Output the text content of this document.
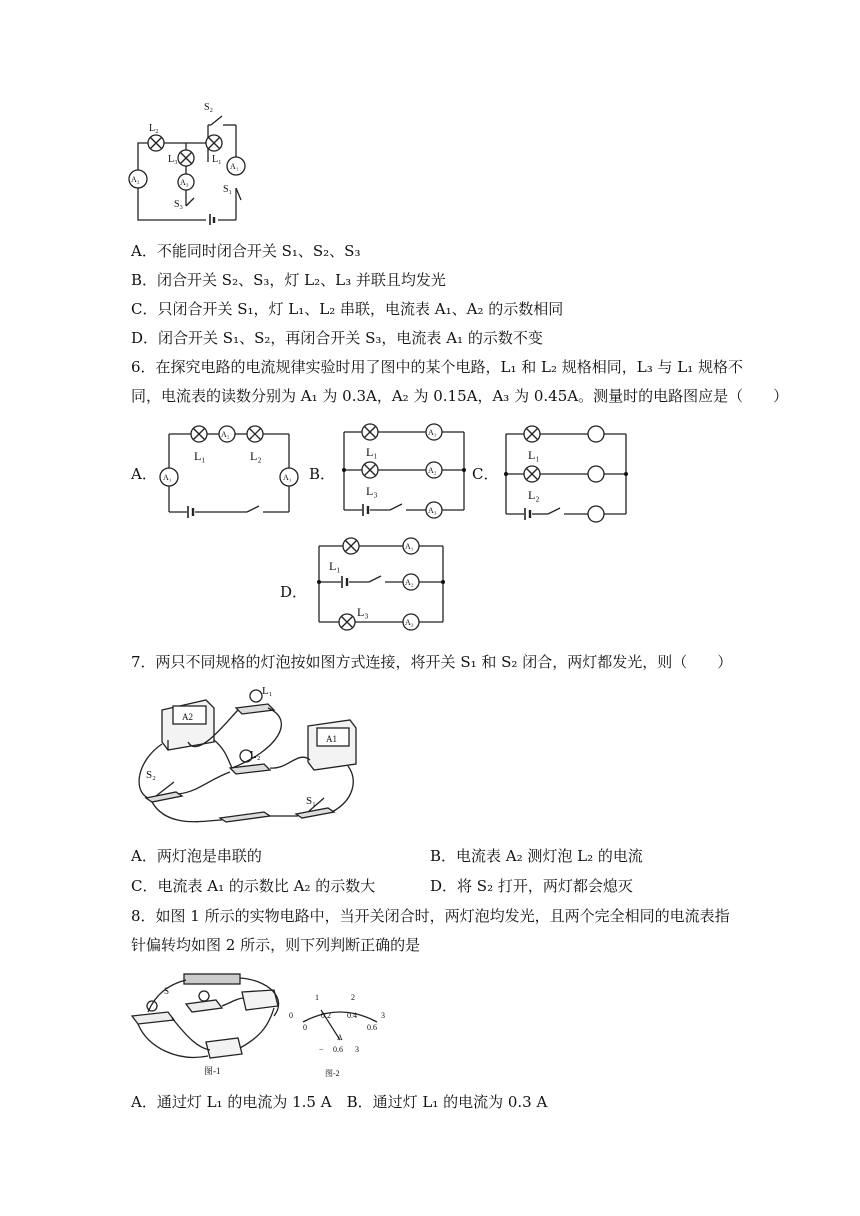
S₂
L₂
L₃	L₁
A₁
A₂	A₃
S₁
S₃
A．不能同时闭合开关 S₁、S₂、S₃
B．闭合开关 S₂、S₃，灯 L₂、L₃ 并联且均发光
C．只闭合开关 S₁，灯 L₁、L₂ 串联，电流表 A₁、A₂ 的示数相同
D．闭合开关 S₁、S₂，再闭合开关 S₃，电流表 A₁ 的示数不变
6．在探究电路的电流规律实验时用了图中的某个电路，L₁ 和 L₂ 规格相同，L₃ 与 L₁ 规格不
同，电流表的读数分别为 A₁ 为 0.3A，A₂ 为 0.15A，A₃ 为 0.45A。测量时的电路图应是（　　）
A．	B．	C．
D．
L₁	L₂
A₂
A₁	A₁
L₁
L₃
A₁
A₂
A₃
L₁
L₂
L₁
L₃
A₁
A₂
A₃
7．两只不同规格的灯泡按如图方式连接，将开关 S₁ 和 S₂ 闭合，两灯都发光，则（　　）
L₁
L₂
S₂
S₁
A2
A1
A．两灯泡是串联的	B．电流表 A₂ 测灯泡 L₂ 的电流
C．电流表 A₁ 的示数比 A₂ 的示数大	D．将 S₂ 打开，两灯都会熄灭
8．如图 1 所示的实物电路中，当开关闭合时，两灯泡均发光，且两个完全相同的电流表指
针偏转均如图 2 所示，则下列判断正确的是
图-1
S
0
1	2
3
0
0.2 0.4
0.6
A
− 0.6 3
图-2
A．通过灯 L₁ 的电流为 1.5 A　B．通过灯 L₁ 的电流为 0.3 A
